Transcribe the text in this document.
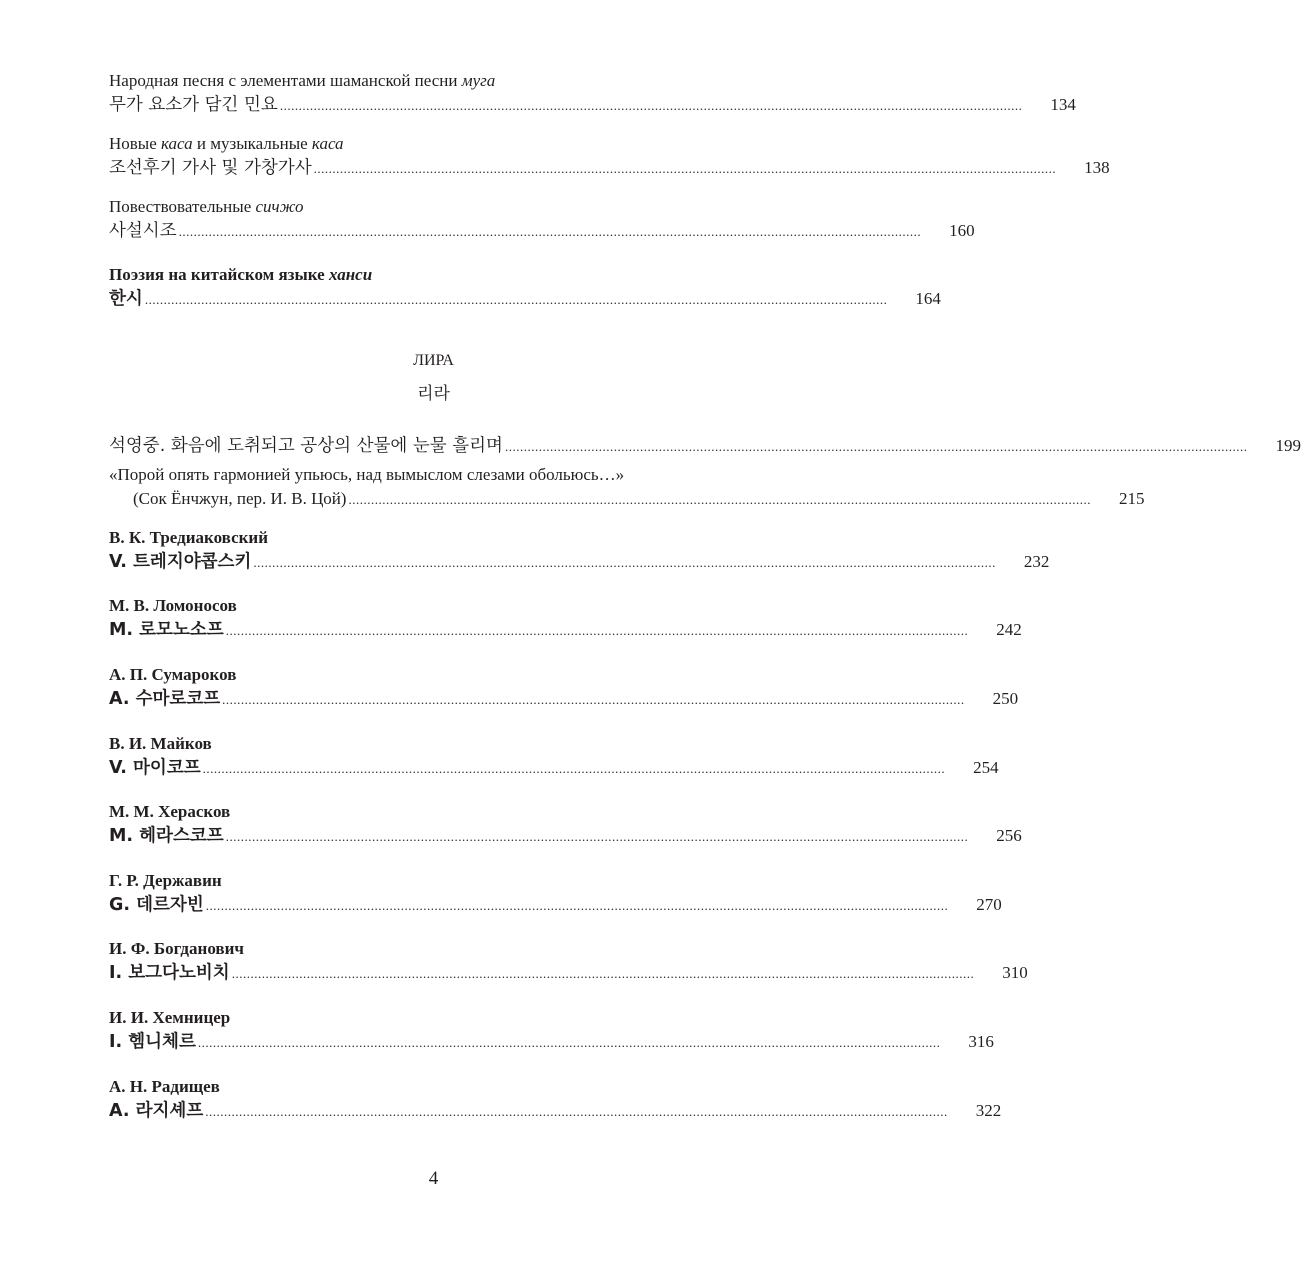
Народная песня с элементами шаманской песни муга
무가 요소가 담긴 민요 ...................................................................................................................................................................................................... 134
Новые каса и музыкальные каса
조선후기 가사 및 가창가사 ...................................................................................................................................................................................................... 138
Повествовательные сичжо
사설시조 ...................................................................................................................................................................................................... 160
Поэзия на китайском языке ханси
한시 ...................................................................................................................................................................................................... 164
ЛИРА
리라
석영중. 화음에 도취되고 공상의 산물에 눈물 흘리며 ...................................................................................................................................................................................................... 199
«Порой опять гармонией упьюсь, над вымыслом слезами обольюсь…»
(Сок Ёнчжун, пер. И. В. Цой) ...................................................................................................................................................................................................... 215
В. К. Тредиаковский
V. 트레지야콥스키 ...................................................................................................................................................................................................... 232
М. В. Ломоносов
M. 로모노소프 ...................................................................................................................................................................................................... 242
А. П. Сумароков
A. 수마로코프 ...................................................................................................................................................................................................... 250
В. И. Майков
V. 마이코프 ...................................................................................................................................................................................................... 254
М. М. Херасков
M. 헤라스코프 ...................................................................................................................................................................................................... 256
Г. Р. Державин
G. 데르자빈 ...................................................................................................................................................................................................... 270
И. Ф. Богданович
I. 보그다노비치 ...................................................................................................................................................................................................... 310
И. И. Хемницер
I. 헴니체르 ...................................................................................................................................................................................................... 316
А. Н. Радищев
A. 라지셰프 ...................................................................................................................................................................................................... 322
4
